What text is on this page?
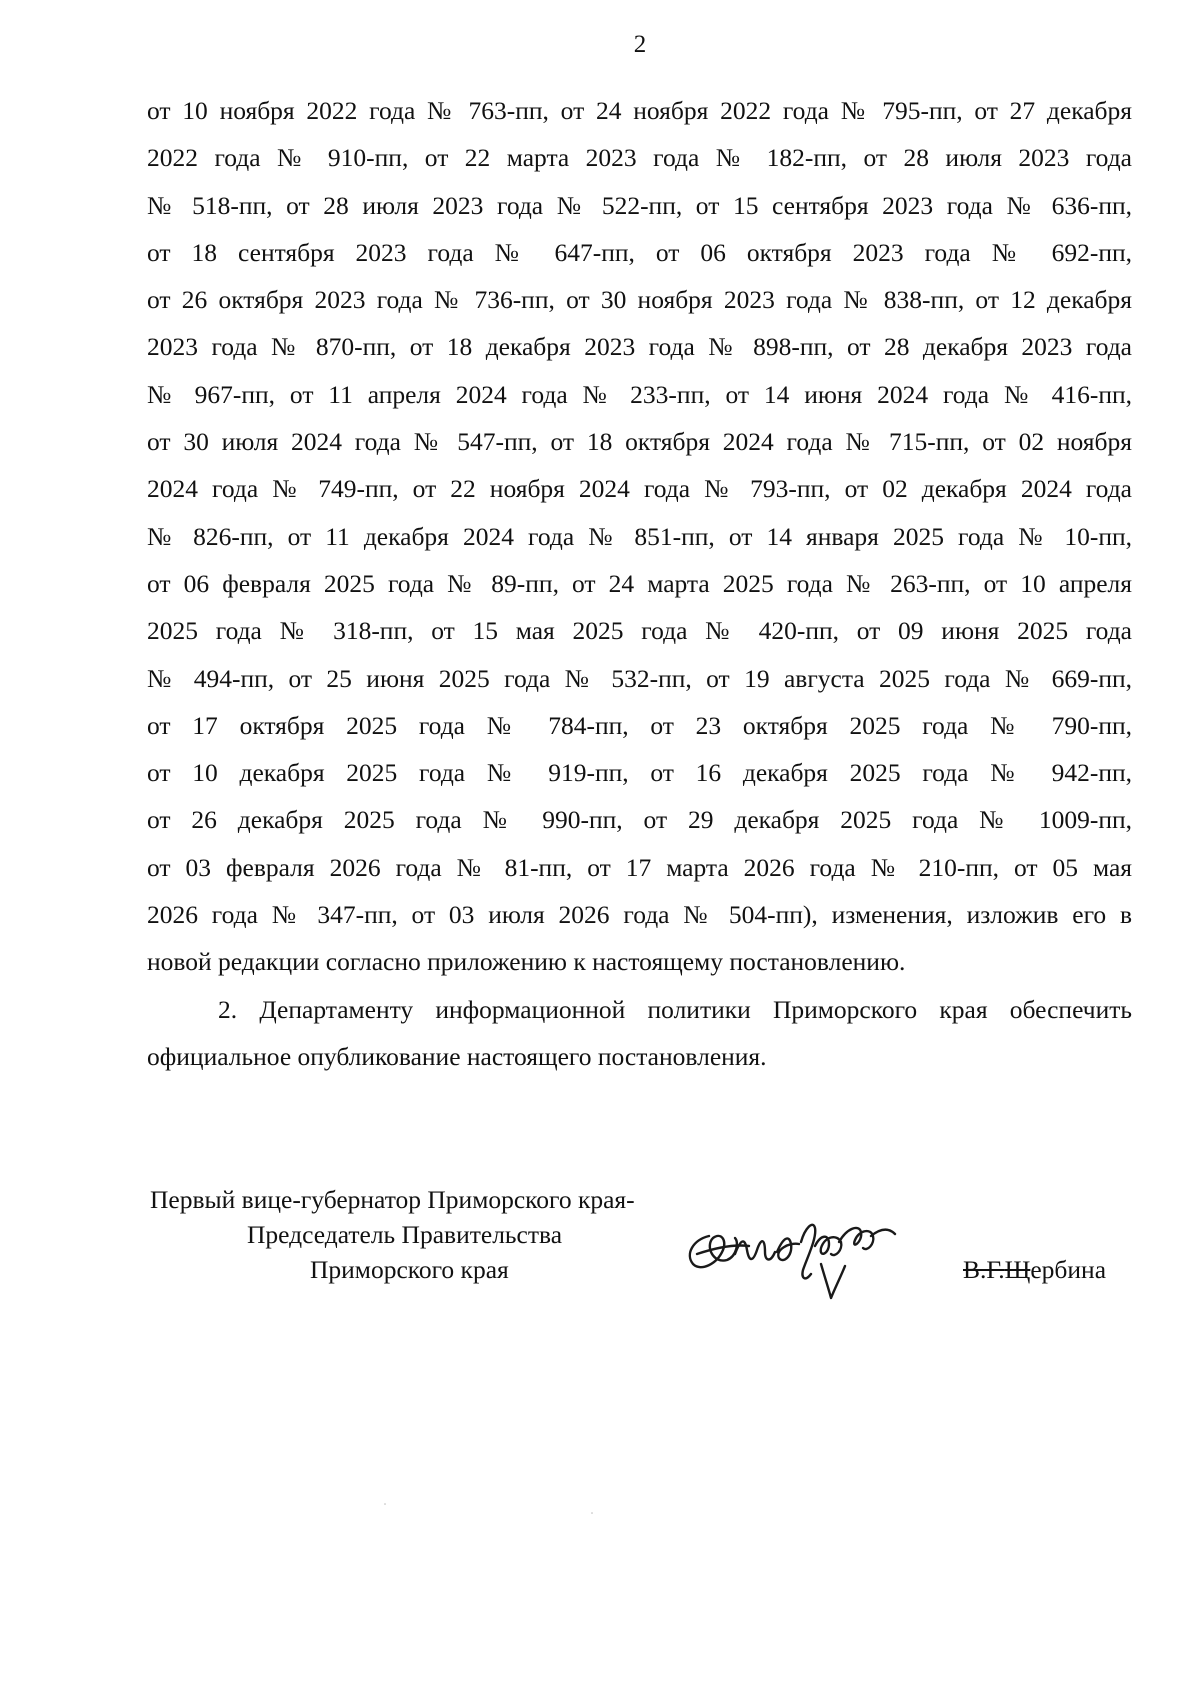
2
от 10 ноября 2022 года № 763-пп, от 24 ноября 2022 года № 795-пп, от 27 декабря
2022 года № 910-пп, от 22 марта 2023 года № 182-пп, от 28 июля 2023 года
№ 518-пп, от 28 июля 2023 года № 522-пп, от 15 сентября 2023 года № 636-пп,
от 18 сентября 2023 года № 647-пп, от 06 октября 2023 года № 692-пп,
от 26 октября 2023 года № 736-пп, от 30 ноября 2023 года № 838-пп, от 12 декабря
2023 года № 870-пп, от 18 декабря 2023 года № 898-пп, от 28 декабря 2023 года
№ 967-пп, от 11 апреля 2024 года № 233-пп, от 14 июня 2024 года № 416-пп,
от 30 июля 2024 года № 547-пп, от 18 октября 2024 года № 715-пп, от 02 ноября
2024 года № 749-пп, от 22 ноября 2024 года № 793-пп, от 02 декабря 2024 года
№ 826-пп, от 11 декабря 2024 года № 851-пп, от 14 января 2025 года № 10-пп,
от 06 февраля 2025 года № 89-пп, от 24 марта 2025 года № 263-пп, от 10 апреля
2025 года № 318-пп, от 15 мая 2025 года № 420-пп, от 09 июня 2025 года
№ 494-пп, от 25 июня 2025 года № 532-пп, от 19 августа 2025 года № 669-пп,
от 17 октября 2025 года № 784-пп, от 23 октября 2025 года № 790-пп,
от 10 декабря 2025 года № 919-пп, от 16 декабря 2025 года № 942-пп,
от 26 декабря 2025 года № 990-пп, от 29 декабря 2025 года № 1009-пп,
от 03 февраля 2026 года № 81-пп, от 17 марта 2026 года № 210-пп, от 05 мая
2026 года № 347-пп, от 03 июля 2026 года № 504-пп), изменения, изложив его в
новой редакции согласно приложению к настоящему постановлению.
2. Департаменту информационной политики Приморского края обеспечить
официальное опубликование настоящего постановления.
Первый вице-губернатор Приморского края-
Председатель Правительства
Приморского края	В.Г.Щербина
